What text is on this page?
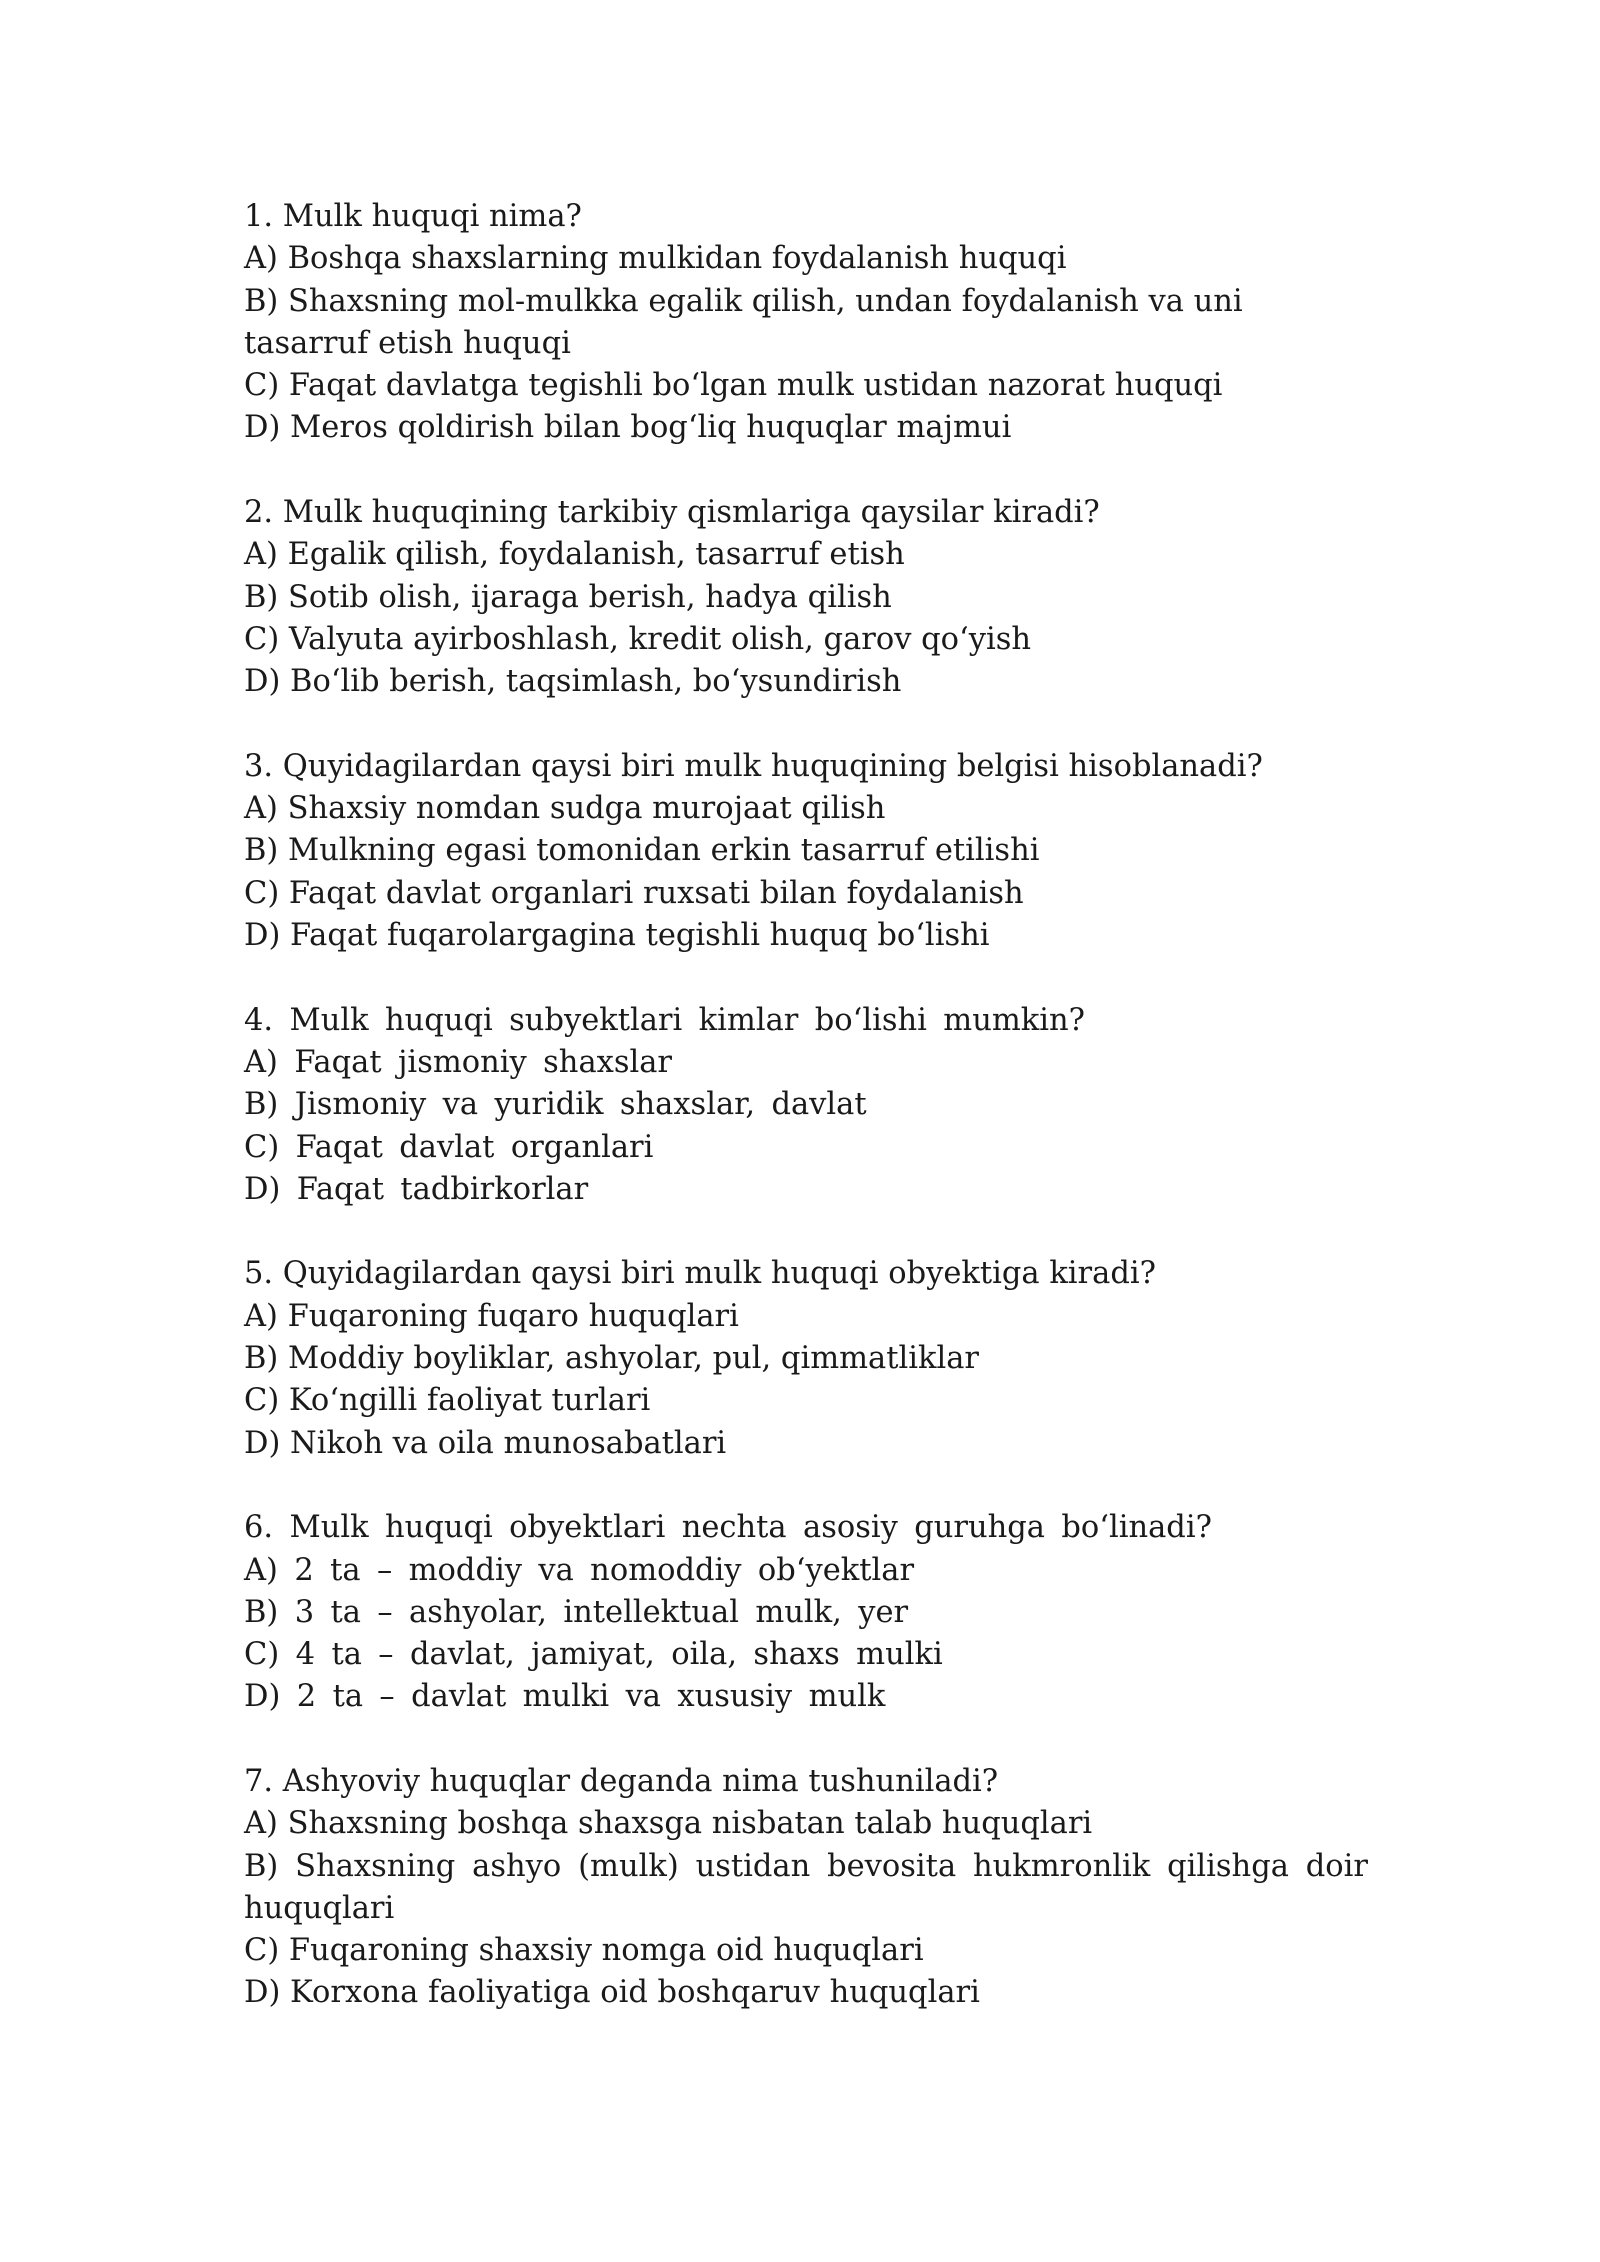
1. Mulk huquqi nima?
A) Boshqa shaxslarning mulkidan foydalanish huquqi
B) Shaxsning mol-mulkka egalik qilish, undan foydalanish va uni tasarruf etish huquqi
C) Faqat davlatga tegishli boʻlgan mulk ustidan nazorat huquqi
D) Meros qoldirish bilan bogʻliq huquqlar majmui
2. Mulk huquqining tarkibiy qismlariga qaysilar kiradi?
A) Egalik qilish, foydalanish, tasarruf etish
B) Sotib olish, ijaraga berish, hadya qilish
C) Valyuta ayirboshlash, kredit olish, garov qoʻyish
D) Boʻlib berish, taqsimlash, boʻysundirish
3. Quyidagilardan qaysi biri mulk huquqining belgisi hisoblanadi?
A) Shaxsiy nomdan sudga murojaat qilish
B) Mulkning egasi tomonidan erkin tasarruf etilishi
C) Faqat davlat organlari ruxsati bilan foydalanish
D) Faqat fuqarolargagina tegishli huquq boʻlishi
4. Mulk huquqi subyektlari kimlar boʻlishi mumkin?
A) Faqat jismoniy shaxslar
B) Jismoniy va yuridik shaxslar, davlat
C) Faqat davlat organlari
D) Faqat tadbirkorlar
5. Quyidagilardan qaysi biri mulk huquqi obyektiga kiradi?
A) Fuqaroning fuqaro huquqlari
B) Moddiy boyliklar, ashyolar, pul, qimmatliklar
C) Koʻngilli faoliyat turlari
D) Nikoh va oila munosabatlari
6. Mulk huquqi obyektlari nechta asosiy guruhga boʻlinadi?
A) 2 ta – moddiy va nomoddiy obʻyektlar
B) 3 ta – ashyolar, intellektual mulk, yer
C) 4 ta – davlat, jamiyat, oila, shaxs mulki
D) 2 ta – davlat mulki va xususiy mulk
7. Ashyoviy huquqlar deganda nima tushuniladi?
A) Shaxsning boshqa shaxsga nisbatan talab huquqlari
B) Shaxsning ashyo (mulk) ustidan bevosita hukmronlik qilishga doir huquqlari
C) Fuqaroning shaxsiy nomga oid huquqlari
D) Korxona faoliyatiga oid boshqaruv huquqlari
